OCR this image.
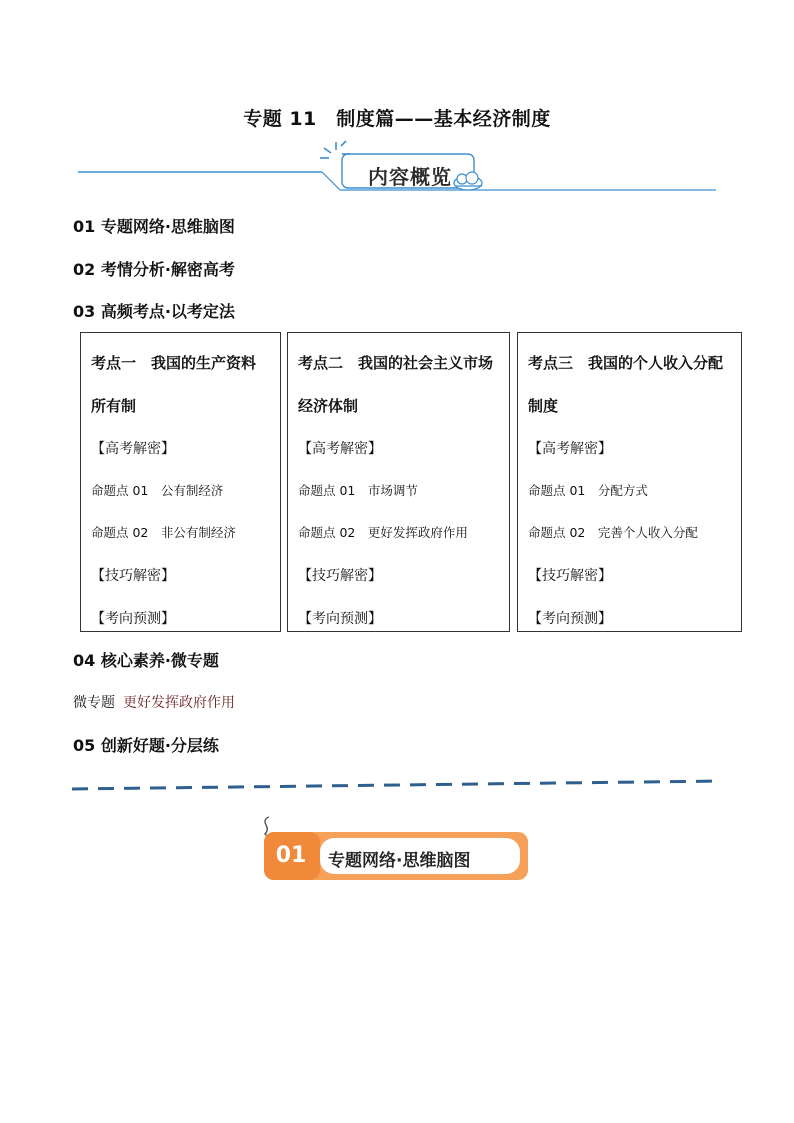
专题 11　制度篇——基本经济制度
内容概览
01 专题网络·思维脑图
02 考情分析·解密高考
03 高频考点·以考定法
考点一　我国的生产资料
所有制
【高考解密】
命题点 01　公有制经济
命题点 02　非公有制经济
【技巧解密】
【考向预测】
考点二　我国的社会主义市场
经济体制
【高考解密】
命题点 01　市场调节
命题点 02　更好发挥政府作用
【技巧解密】
【考向预测】
考点三　我国的个人收入分配
制度
【高考解密】
命题点 01　分配方式
命题点 02　完善个人收入分配
【技巧解密】
【考向预测】
04 核心素养·微专题
微专题 更好发挥政府作用
05 创新好题·分层练
01	专题网络·思维脑图
